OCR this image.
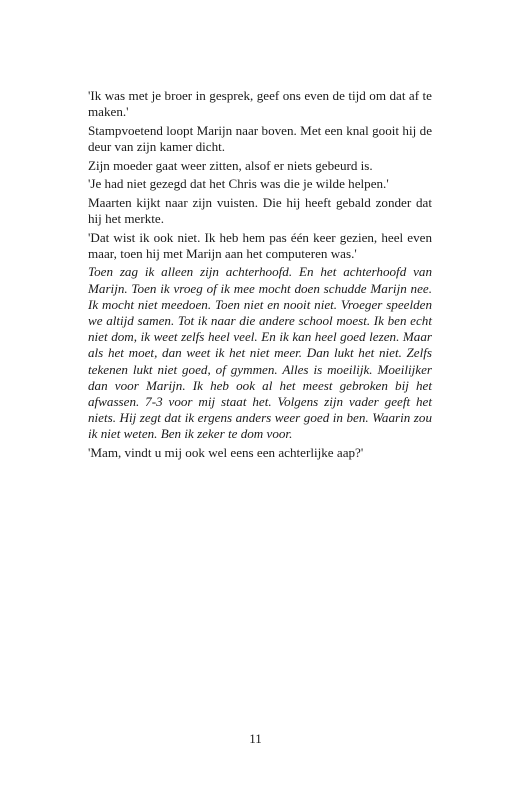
'Ik was met je broer in gesprek, geef ons even de tijd om dat af te maken.'

Stampvoetend loopt Marijn naar boven. Met een knal gooit hij de deur van zijn kamer dicht.

Zijn moeder gaat weer zitten, alsof er niets gebeurd is.

'Je had niet gezegd dat het Chris was die je wilde helpen.'

Maarten kijkt naar zijn vuisten. Die hij heeft gebald zonder dat hij het merkte.

'Dat wist ik ook niet. Ik heb hem pas één keer gezien, heel even maar, toen hij met Marijn aan het computeren was.'

Toen zag ik alleen zijn achterhoofd. En het achterhoofd van Marijn. Toen ik vroeg of ik mee mocht doen schudde Marijn nee. Ik mocht niet meedoen. Toen niet en nooit niet. Vroeger speelden we altijd samen. Tot ik naar die andere school moest. Ik ben echt niet dom, ik weet zelfs heel veel. En ik kan heel goed lezen. Maar als het moet, dan weet ik het niet meer. Dan lukt het niet. Zelfs tekenen lukt niet goed, of gymmen. Alles is moeilijk. Moeilijker dan voor Marijn. Ik heb ook al het meest gebroken bij het afwassen. 7-3 voor mij staat het. Volgens zijn vader geeft het niets. Hij zegt dat ik ergens anders weer goed in ben. Waarin zou ik niet weten. Ben ik zeker te dom voor.

'Mam, vindt u mij ook wel eens een achterlijke aap?'

11
